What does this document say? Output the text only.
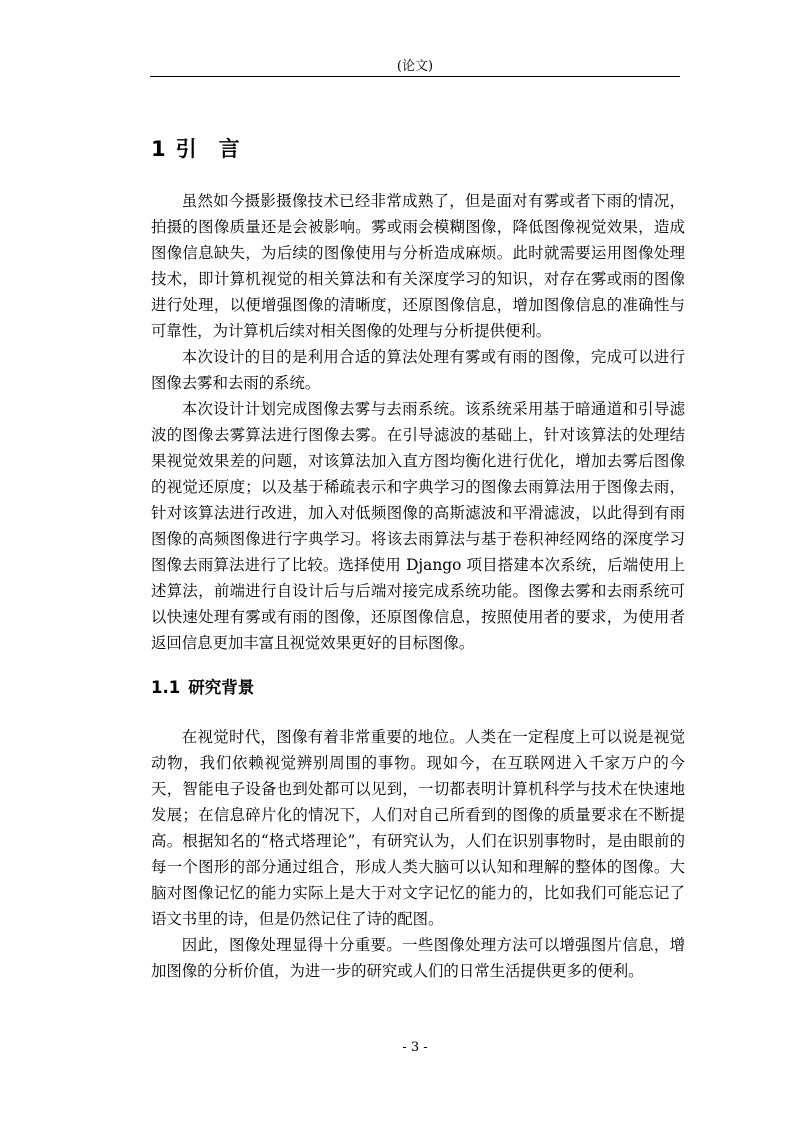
(论文)
1 引 言

虽然如今摄影摄像技术已经非常成熟了，但是面对有雾或者下雨的情况，拍摄的图像质量还是会被影响。雾或雨会模糊图像，降低图像视觉效果，造成图像信息缺失，为后续的图像使用与分析造成麻烦。此时就需要运用图像处理技术，即计算机视觉的相关算法和有关深度学习的知识，对存在雾或雨的图像进行处理，以便增强图像的清晰度，还原图像信息，增加图像信息的准确性与可靠性，为计算机后续对相关图像的处理与分析提供便利。

本次设计的目的是利用合适的算法处理有雾或有雨的图像，完成可以进行图像去雾和去雨的系统。

本次设计计划完成图像去雾与去雨系统。该系统采用基于暗通道和引导滤波的图像去雾算法进行图像去雾。在引导滤波的基础上，针对该算法的处理结果视觉效果差的问题，对该算法加入直方图均衡化进行优化，增加去雾后图像的视觉还原度；以及基于稀疏表示和字典学习的图像去雨算法用于图像去雨，针对该算法进行改进，加入对低频图像的高斯滤波和平滑滤波，以此得到有雨图像的高频图像进行字典学习。将该去雨算法与基于卷积神经网络的深度学习图像去雨算法进行了比较。选择使用 Django 项目搭建本次系统，后端使用上述算法，前端进行自设计后与后端对接完成系统功能。图像去雾和去雨系统可以快速处理有雾或有雨的图像，还原图像信息，按照使用者的要求，为使用者返回信息更加丰富且视觉效果更好的目标图像。

1.1 研究背景

在视觉时代，图像有着非常重要的地位。人类在一定程度上可以说是视觉动物，我们依赖视觉辨别周围的事物。现如今，在互联网进入千家万户的今天，智能电子设备也到处都可以见到，一切都表明计算机科学与技术在快速地发展；在信息碎片化的情况下，人们对自己所看到的图像的质量要求在不断提高。根据知名的“格式塔理论”，有研究认为，人们在识别事物时，是由眼前的每一个图形的部分通过组合，形成人类大脑可以认知和理解的整体的图像。大脑对图像记忆的能力实际上是大于对文字记忆的能力的，比如我们可能忘记了语文书里的诗，但是仍然记住了诗的配图。

因此，图像处理显得十分重要。一些图像处理方法可以增强图片信息，增加图像的分析价值，为进一步的研究或人们的日常生活提供更多的便利。

- 3 -
